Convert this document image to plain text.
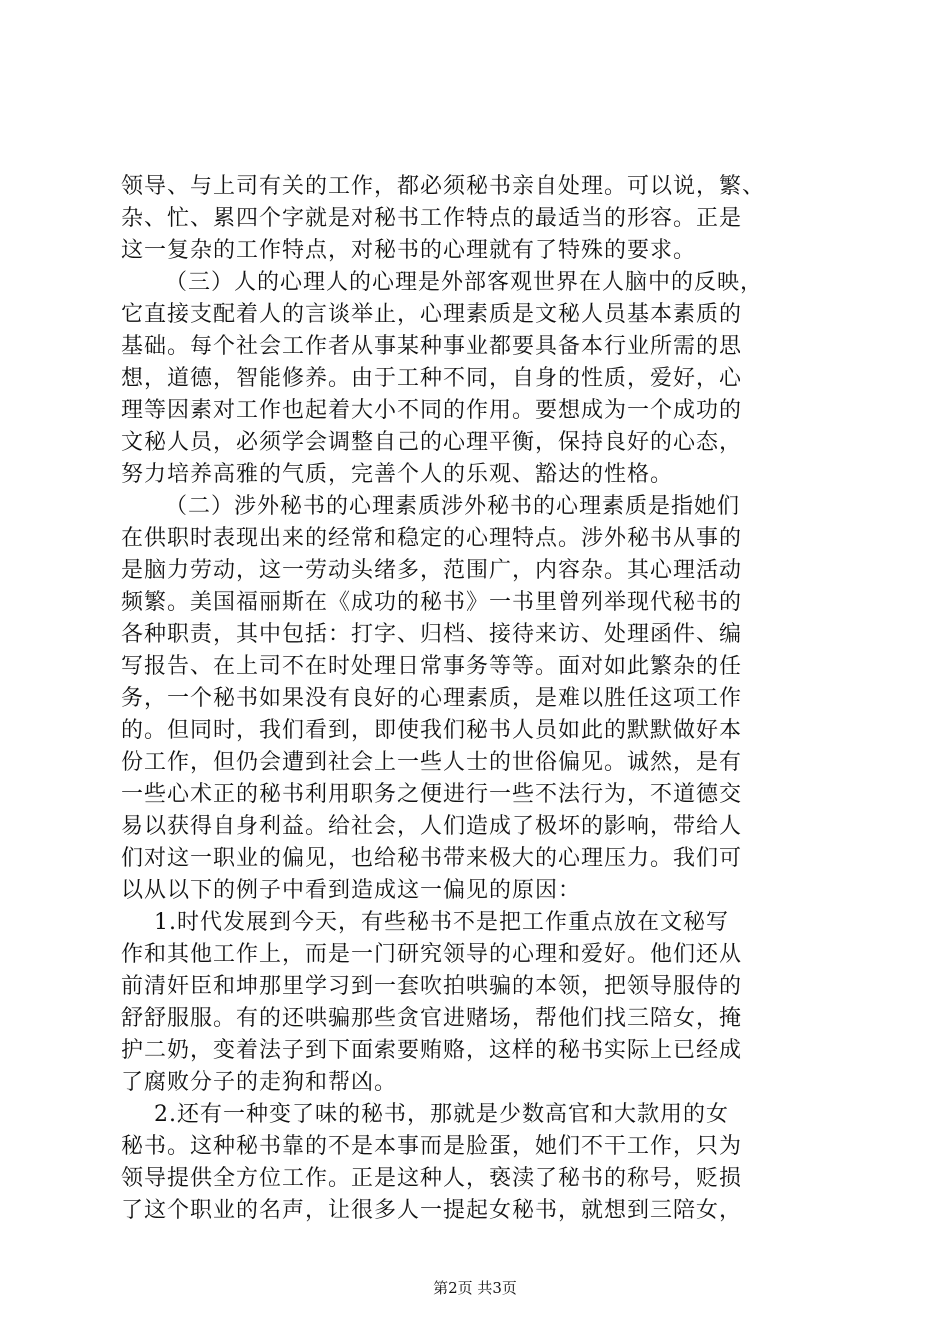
领导、与上司有关的工作，都必须秘书亲自处理。可以说，繁、
杂、忙、累四个字就是对秘书工作特点的最适当的形容。正是
这一复杂的工作特点，对秘书的心理就有了特殊的要求。
（三）人的心理人的心理是外部客观世界在人脑中的反映，
它直接支配着人的言谈举止，心理素质是文秘人员基本素质的
基础。每个社会工作者从事某种事业都要具备本行业所需的思
想，道德，智能修养。由于工种不同，自身的性质，爱好，心
理等因素对工作也起着大小不同的作用。要想成为一个成功的
文秘人员，必须学会调整自己的心理平衡，保持良好的心态，
努力培养高雅的气质，完善个人的乐观、豁达的性格。
（二）涉外秘书的心理素质涉外秘书的心理素质是指她们
在供职时表现出来的经常和稳定的心理特点。涉外秘书从事的
是脑力劳动，这一劳动头绪多，范围广，内容杂。其心理活动
频繁。美国福丽斯在《成功的秘书》一书里曾列举现代秘书的
各种职责，其中包括：打字、归档、接待来访、处理函件、编
写报告、在上司不在时处理日常事务等等。面对如此繁杂的任
务，一个秘书如果没有良好的心理素质，是难以胜任这项工作
的。但同时，我们看到，即使我们秘书人员如此的默默做好本
份工作，但仍会遭到社会上一些人士的世俗偏见。诚然，是有
一些心术正的秘书利用职务之便进行一些不法行为，不道德交
易以获得自身利益。给社会，人们造成了极坏的影响，带给人
们对这一职业的偏见，也给秘书带来极大的心理压力。我们可
以从以下的例子中看到造成这一偏见的原因：
1.时代发展到今天，有些秘书不是把工作重点放在文秘写
作和其他工作上，而是一门研究领导的心理和爱好。他们还从
前清奸臣和坤那里学习到一套吹拍哄骗的本领，把领导服侍的
舒舒服服。有的还哄骗那些贪官进赌场，帮他们找三陪女，掩
护二奶，变着法子到下面索要贿赂，这样的秘书实际上已经成
了腐败分子的走狗和帮凶。
2.还有一种变了味的秘书，那就是少数高官和大款用的女
秘书。这种秘书靠的不是本事而是脸蛋，她们不干工作，只为
领导提供全方位工作。正是这种人，亵渎了秘书的称号，贬损
了这个职业的名声，让很多人一提起女秘书，就想到三陪女，
第2页 共3页
